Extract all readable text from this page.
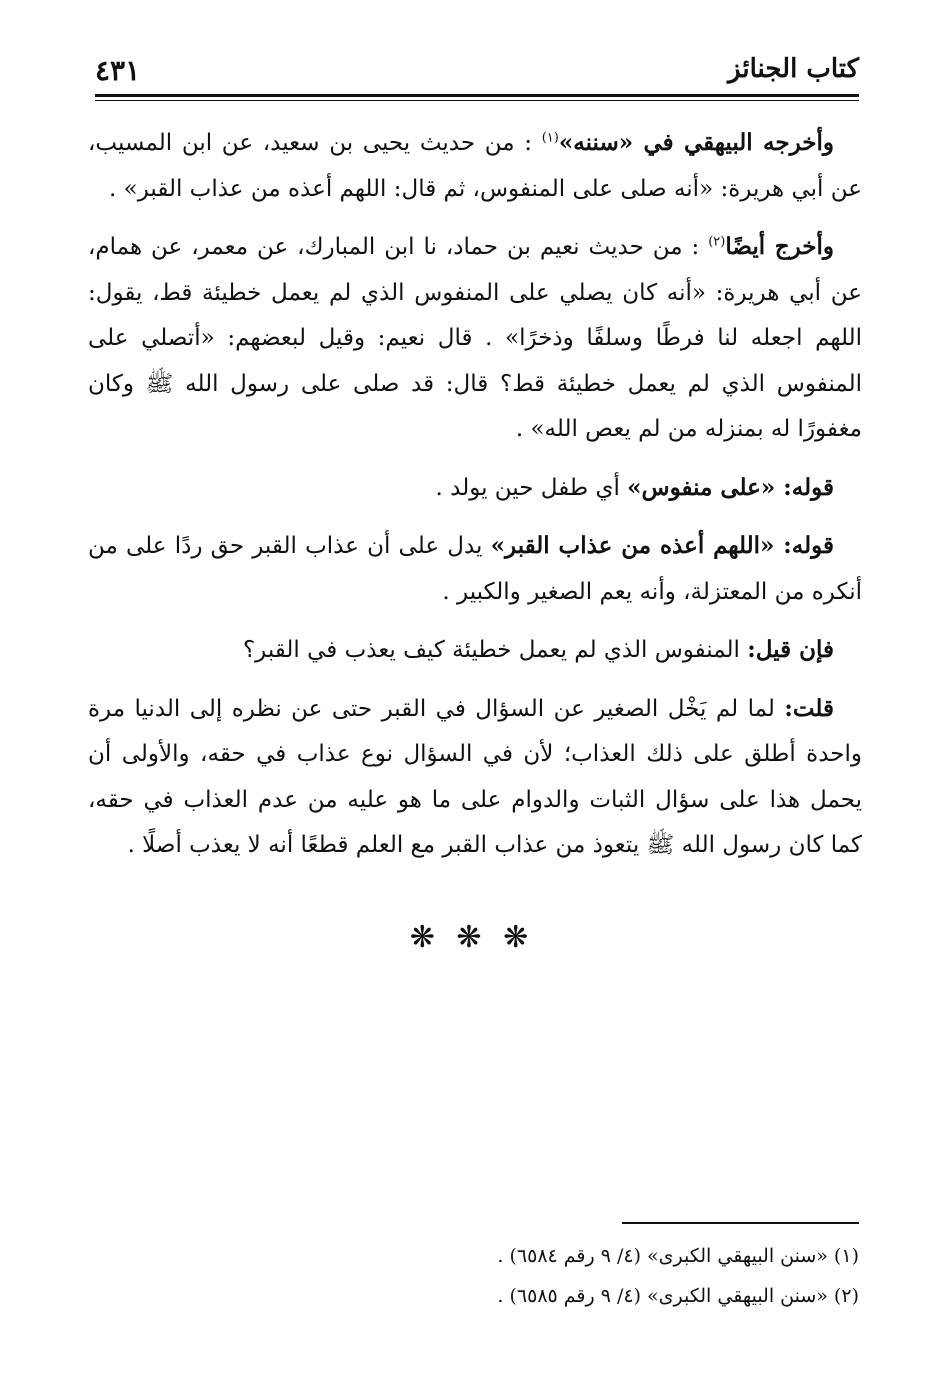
كتاب الجنائز
٤٣١

وأخرجه البيهقي في «سننه»$^{(١)}$ : من حديث يحيى بن سعيد، عن ابن المسيب، عن أبي هريرة: «أنه صلى على المنفوس، ثم قال: اللهم أعذه من عذاب القبر» .

وأخرج أيضًا$^{(٢)}$ : من حديث نعيم بن حماد، نا ابن المبارك، عن معمر، عن همام، عن أبي هريرة: «أنه كان يصلي على المنفوس الذي لم يعمل خطيئة قط، يقول: اللهم اجعله لنا فرطًا وسلفًا وذخرًا» . قال نعيم: وقيل لبعضهم: «أتصلي على المنفوس الذي لم يعمل خطيئة قط؟ قال: قد صلى على رسول الله ﷺ وكان مغفورًا له بمنزله من لم يعص الله» .

قوله: «على منفوس» أي طفل حين يولد .

قوله: «اللهم أعذه من عذاب القبر» يدل على أن عذاب القبر حق ردًا على من أنكره من المعتزلة، وأنه يعم الصغير والكبير .

فإن قيل: المنفوس الذي لم يعمل خطيئة كيف يعذب في القبر؟

قلت: لما لم يَخْل الصغير عن السؤال في القبر حتى عن نظره إلى الدنيا مرة واحدة أطلق على ذلك العذاب؛ لأن في السؤال نوع عذاب في حقه، والأولى أن يحمل هذا على سؤال الثبات والدوام على ما هو عليه من عدم العذاب في حقه، كما كان رسول الله ﷺ يتعوذ من عذاب القبر مع العلم قطعًا أنه لا يعذب أصلًا .

❋ ❋ ❋
(١) «سنن البيهقي الكبرى» (٤/ ٩ رقم ٦٥٨٤) .
(٢) «سنن البيهقي الكبرى» (٤/ ٩ رقم ٦٥٨٥) .
